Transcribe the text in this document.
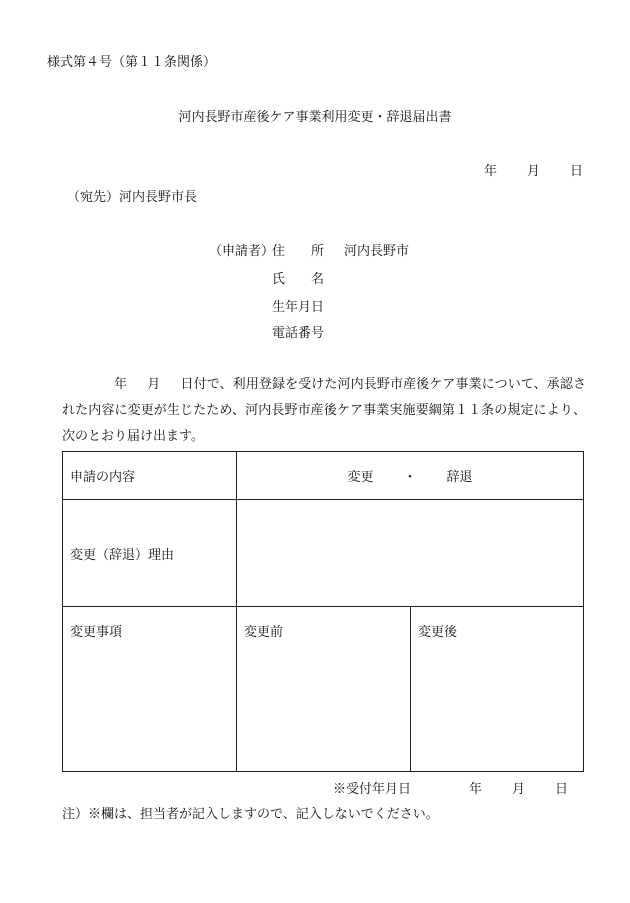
様式第４号（第１１条関係）
河内長野市産後ケア事業利用変更・辞退届出書
年 月 日
（宛先）河内長野市長
（申請者）
住所
河内長野市
氏名
生年月日
電話番号
年 月 日付で、利用登録を受けた河内長野市産後ケア事業について、承認された内容に変更が生じたため、河内長野市産後ケア事業実施要綱第１１条の規定により、次のとおり届け出ます。
申請の内容	変更 ・ 辞退	
変更（辞退）理由		

変更事項	変更前	変更後
※受付年月日	年 月 日
注）※欄は、担当者が記入しますので、記入しないでください。
